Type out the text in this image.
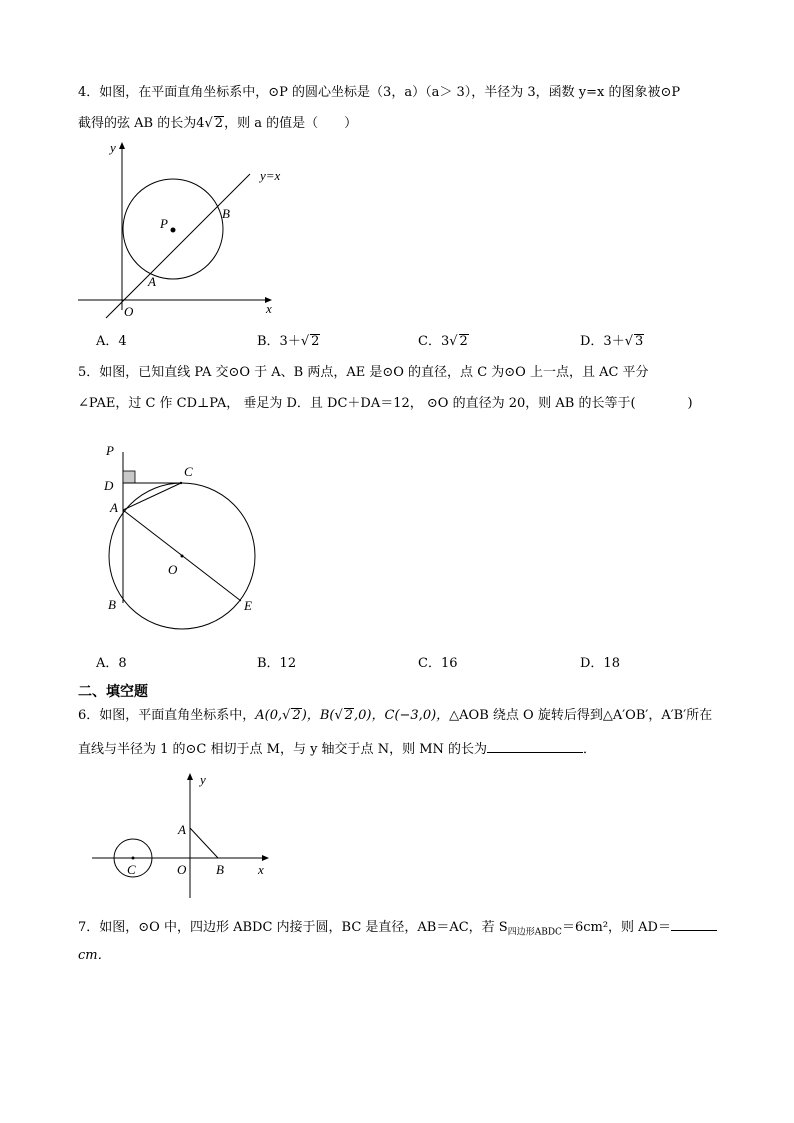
4．如图，在平面直角坐标系中，⊙P 的圆心坐标是（3，a）（a＞ 3），半径为 3，函数 y=x 的图象被⊙P
截得的弦 AB 的长为4√ 2，则 a 的值是（　　）
y
x
O
y=x
P
A
B
A．4	B．3＋√ 2	C．3√ 2	D．3＋√ 3
5．如图，已知直线 PA 交⊙O 于 A、B 两点，AE 是⊙O 的直径，点 C 为⊙O 上一点，且 AC 平分
∠PAE，过 C 作 CD⊥PA， 垂足为 D．且 DC＋DA＝12， ⊙O 的直径为 20，则 AB 的长等于(　　　　)
P
C
D
A
O
B	E
A．8	B．12	C．16	D．18
二、填空题
6．如图，平面直角坐标系中，A(0,√ 2)，B(√ 2,0)，C(−3,0)，△AOB 绕点 O 旋转后得到△A′OB′，A′B′所在
直线与半径为 1 的⊙C 相切于点 M，与 y 轴交于点 N，则 MN 的长为	．
y
x
A
O B
C
7．如图，⊙O 中，四边形 ABDC 内接于圆，BC 是直径，AB＝AC，若 $S_{四边形ABDC}=6cm^2$，则 AD＝
cm．
